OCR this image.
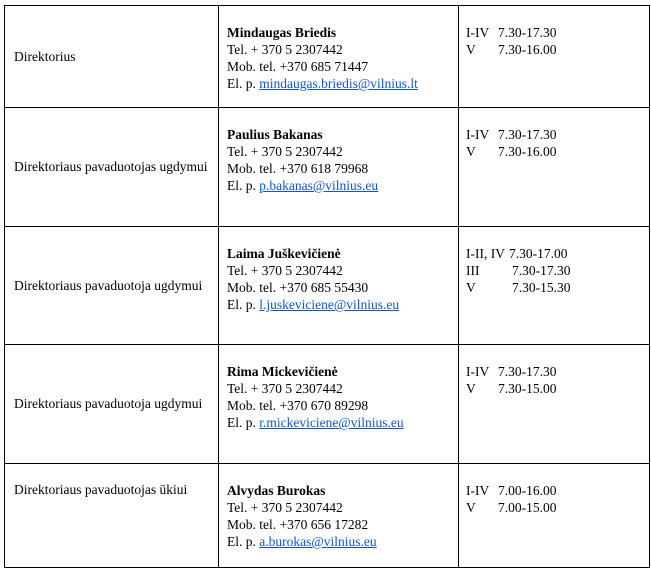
Direktorius	Mindaugas Briedis
Tel. + 370 5 2307442
Mob. tel. +370 685 71447
El. p. mindaugas.briedis@vilnius.lt	I-IV 7.30-17.30
V 7.30-16.00

Direktoriaus pavaduotojas ugdymui	Paulius Bakanas
Tel. + 370 5 2307442
Mob. tel. +370 618 79968
El. p. p.bakanas@vilnius.eu	I-IV 7.30-17.30
V 7.30-16.00

Direktoriaus pavaduotoja ugdymui	Laima Juškevičienė
Tel. + 370 5 2307442
Mob. tel. +370 685 55430
El. p. l.juskeviciene@vilnius.eu	I-II, IV 7.30-17.00
III 7.30-17.30
V 7.30-15.30

Direktoriaus pavaduotoja ugdymui	Rima Mickevičienė
Tel. + 370 5 2307442
Mob. tel. +370 670 89298
El. p. r.mickeviciene@vilnius.eu	I-IV 7.30-17.30
V 7.30-15.00

Direktoriaus pavaduotojas ūkiui	Alvydas Burokas
Tel. + 370 5 2307442
Mob. tel. +370 656 17282
El. p. a.burokas@vilnius.eu	I-IV 7.00-16.00
V 7.00-15.00
